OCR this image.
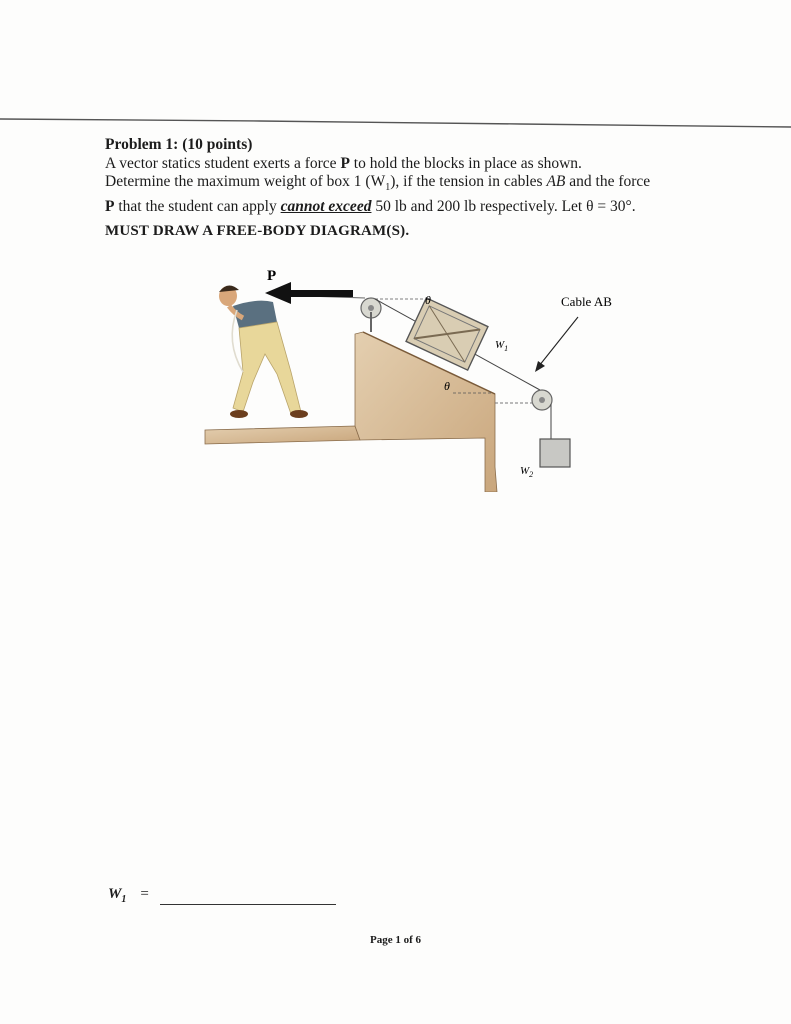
Problem 1: (10 points)
A vector statics student exerts a force P to hold the blocks in place as shown.
Determine the maximum weight of box 1 $(W_1)$, if the tension in cables AB and the force
P that the student can apply cannot exceed 50 lb and 200 lb respectively. Let θ = 30°.
MUST DRAW A FREE-BODY DIAGRAM(S).
θ
θ
$W_1$
Cable AB
$W_2$
P
$W_1$ =
Page 1 of 6
